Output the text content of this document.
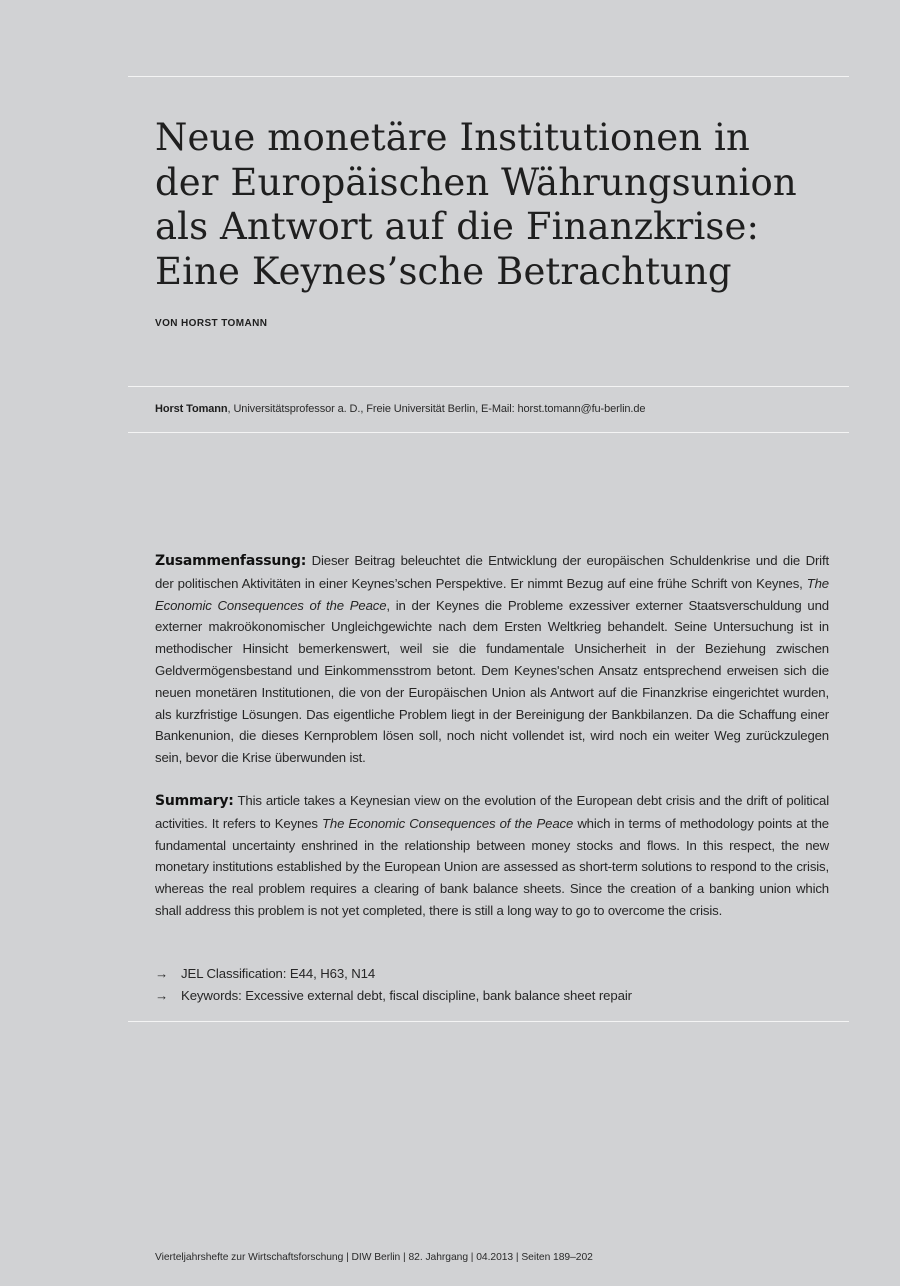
Neue monetäre Institutionen in
der Europäischen Währungsunion
als Antwort auf die Finanzkrise:
Eine Keynes’sche Betrachtung

VON HORST TOMANN

Horst Tomann, Universitätsprofessor a. D., Freie Universität Berlin, E-Mail: horst.tomann@fu-berlin.de

Zusammenfassung: Dieser Beitrag beleuchtet die Entwicklung der europäischen Schuldenkrise und die Drift der politischen Aktivitäten in einer Keynes’schen Perspektive. Er nimmt Bezug auf eine frühe Schrift von Keynes, The Economic Consequences of the Peace, in der Keynes die Probleme exzessiver externer Staatsverschuldung und externer makroökonomischer Ungleichgewichte nach dem Ersten Weltkrieg behandelt. Seine Untersuchung ist in methodischer Hinsicht bemerkenswert, weil sie die fundamentale Unsicherheit in der Beziehung zwischen Geldvermögensbestand und Einkommensstrom betont. Dem Keynes'schen Ansatz entsprechend erweisen sich die neuen monetären Institutionen, die von der Europäischen Union als Antwort auf die Finanzkrise eingerichtet wurden, als kurzfristige Lösungen. Das eigentliche Problem liegt in der Bereinigung der Bankbilanzen. Da die Schaffung einer Bankenunion, die dieses Kernproblem lösen soll, noch nicht vollendet ist, wird noch ein weiter Weg zurückzulegen sein, bevor die Krise überwunden ist.

Summary: This article takes a Keynesian view on the evolution of the European debt crisis and the drift of political activities. It refers to Keynes The Economic Consequences of the Peace which in terms of methodology points at the fundamental uncertainty enshrined in the relationship between money stocks and flows. In this respect, the new monetary institutions established by the European Union are assessed as short-term solutions to respond to the crisis, whereas the real problem requires a clearing of bank balance sheets. Since the creation of a banking union which shall address this problem is not yet completed, there is still a long way to go to overcome the crisis.

→ JEL Classification: E44, H63, N14

→ Keywords: Excessive external debt, fiscal discipline, bank balance sheet repair

Vierteljahrshefte zur Wirtschaftsforschung | DIW Berlin | 82. Jahrgang | 04.2013 | Seiten 189–202
